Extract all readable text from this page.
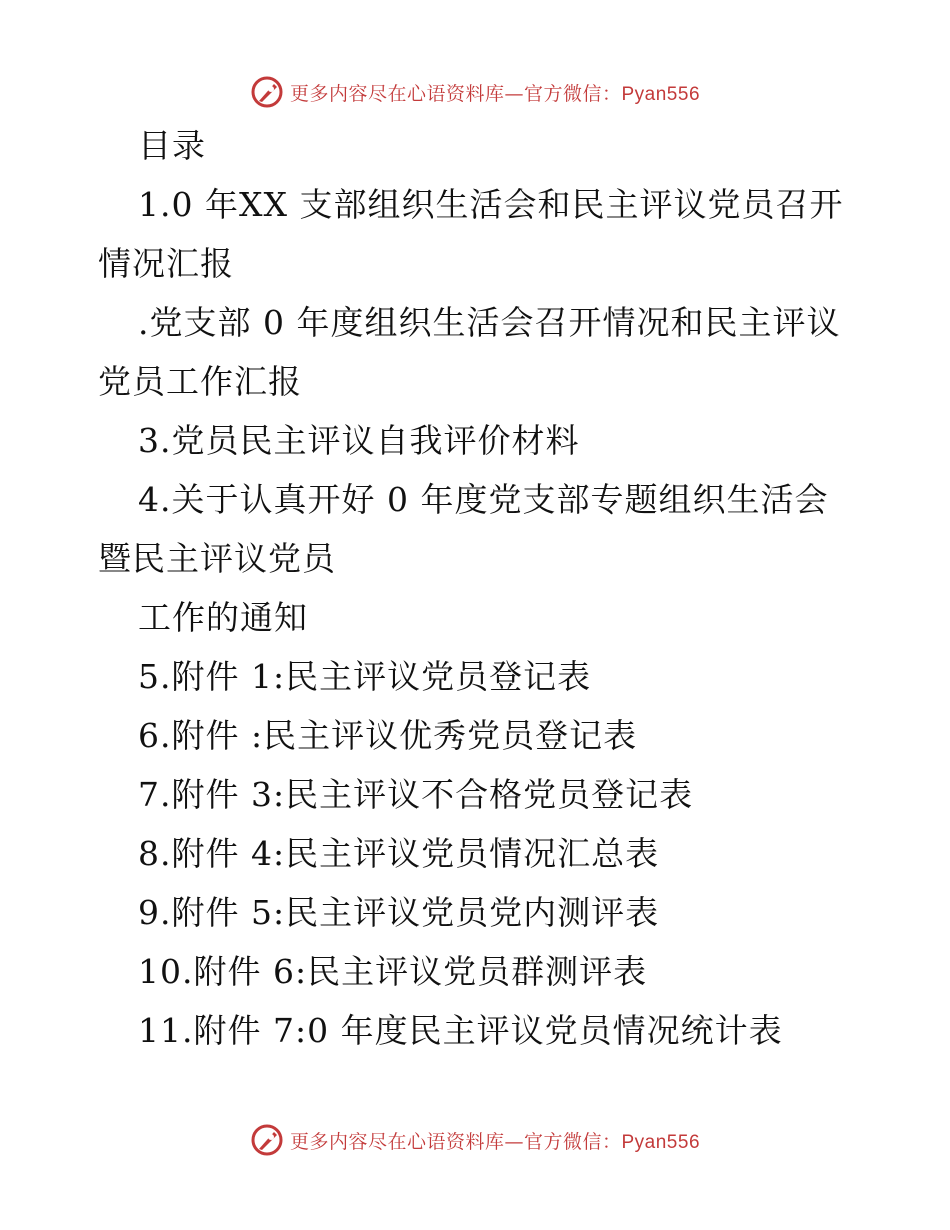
更多内容尽在心语资料库—官方微信：Pyan556
目录
1.0 年XX 支部组织生活会和民主评议党员召开
情况汇报
.党支部 0 年度组织生活会召开情况和民主评议
党员工作汇报
3.党员民主评议自我评价材料
4.关于认真开好 0 年度党支部专题组织生活会
暨民主评议党员
工作的通知
5.附件 1:民主评议党员登记表
6.附件 :民主评议优秀党员登记表
7.附件 3:民主评议不合格党员登记表
8.附件 4:民主评议党员情况汇总表
9.附件 5:民主评议党员党内测评表
10.附件 6:民主评议党员群测评表
11.附件 7:0 年度民主评议党员情况统计表
更多内容尽在心语资料库—官方微信：Pyan556
